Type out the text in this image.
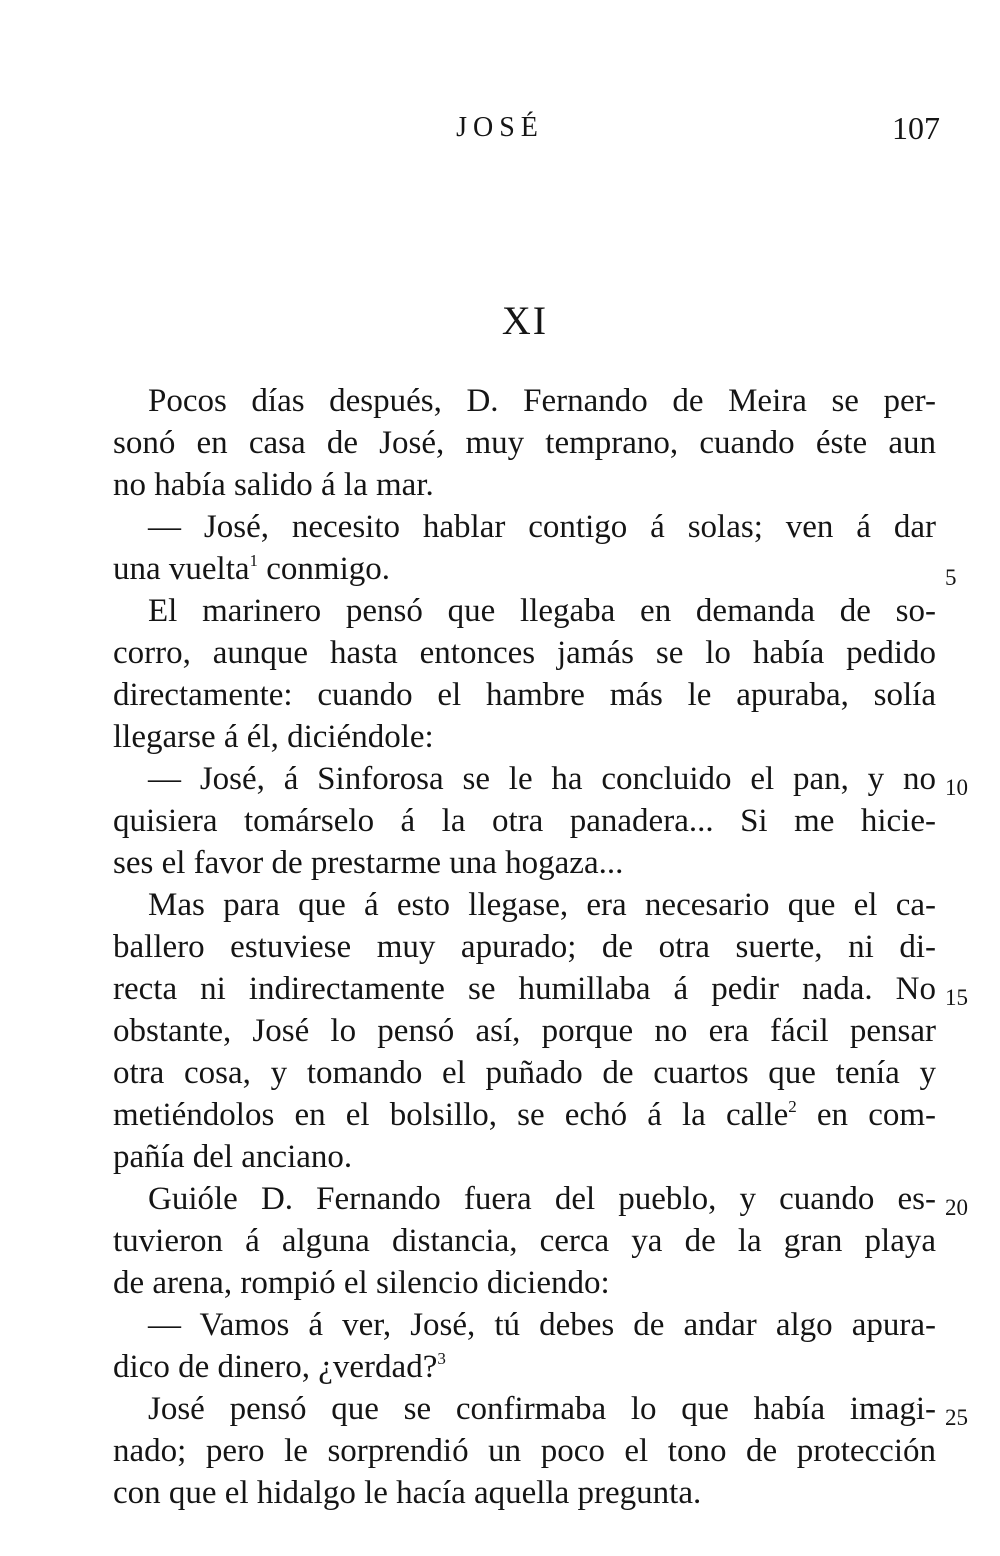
JOSÉ	107
XI
Pocos días después, D. Fernando de Meira se per-
sonó en casa de José, muy temprano, cuando éste aun
no había salido á la mar.
— José, necesito hablar contigo á solas; ven á dar
una vuelta$^1$ conmigo.
El marinero pensó que llegaba en demanda de so-
corro, aunque hasta entonces jamás se lo había pedido
directamente: cuando el hambre más le apuraba, solía
llegarse á él, diciéndole:
— José, á Sinforosa se le ha concluido el pan, y no
quisiera tomárselo á la otra panadera... Si me hicie-
ses el favor de prestarme una hogaza...
Mas para que á esto llegase, era necesario que el ca-
ballero estuviese muy apurado; de otra suerte, ni di-
recta ni indirectamente se humillaba á pedir nada. No
obstante, José lo pensó así, porque no era fácil pensar
otra cosa, y tomando el puñado de cuartos que tenía y
metiéndolos en el bolsillo, se echó á la calle$^2$ en com-
pañía del anciano.
Guióle D. Fernando fuera del pueblo, y cuando es-
tuvieron á alguna distancia, cerca ya de la gran playa
de arena, rompió el silencio diciendo:
— Vamos á ver, José, tú debes de andar algo apura-
dico de dinero, ¿verdad?$^3$
José pensó que se confirmaba lo que había imagi-
nado; pero le sorprendió un poco el tono de protección
con que el hidalgo le hacía aquella pregunta.
5
10
15
20
25
